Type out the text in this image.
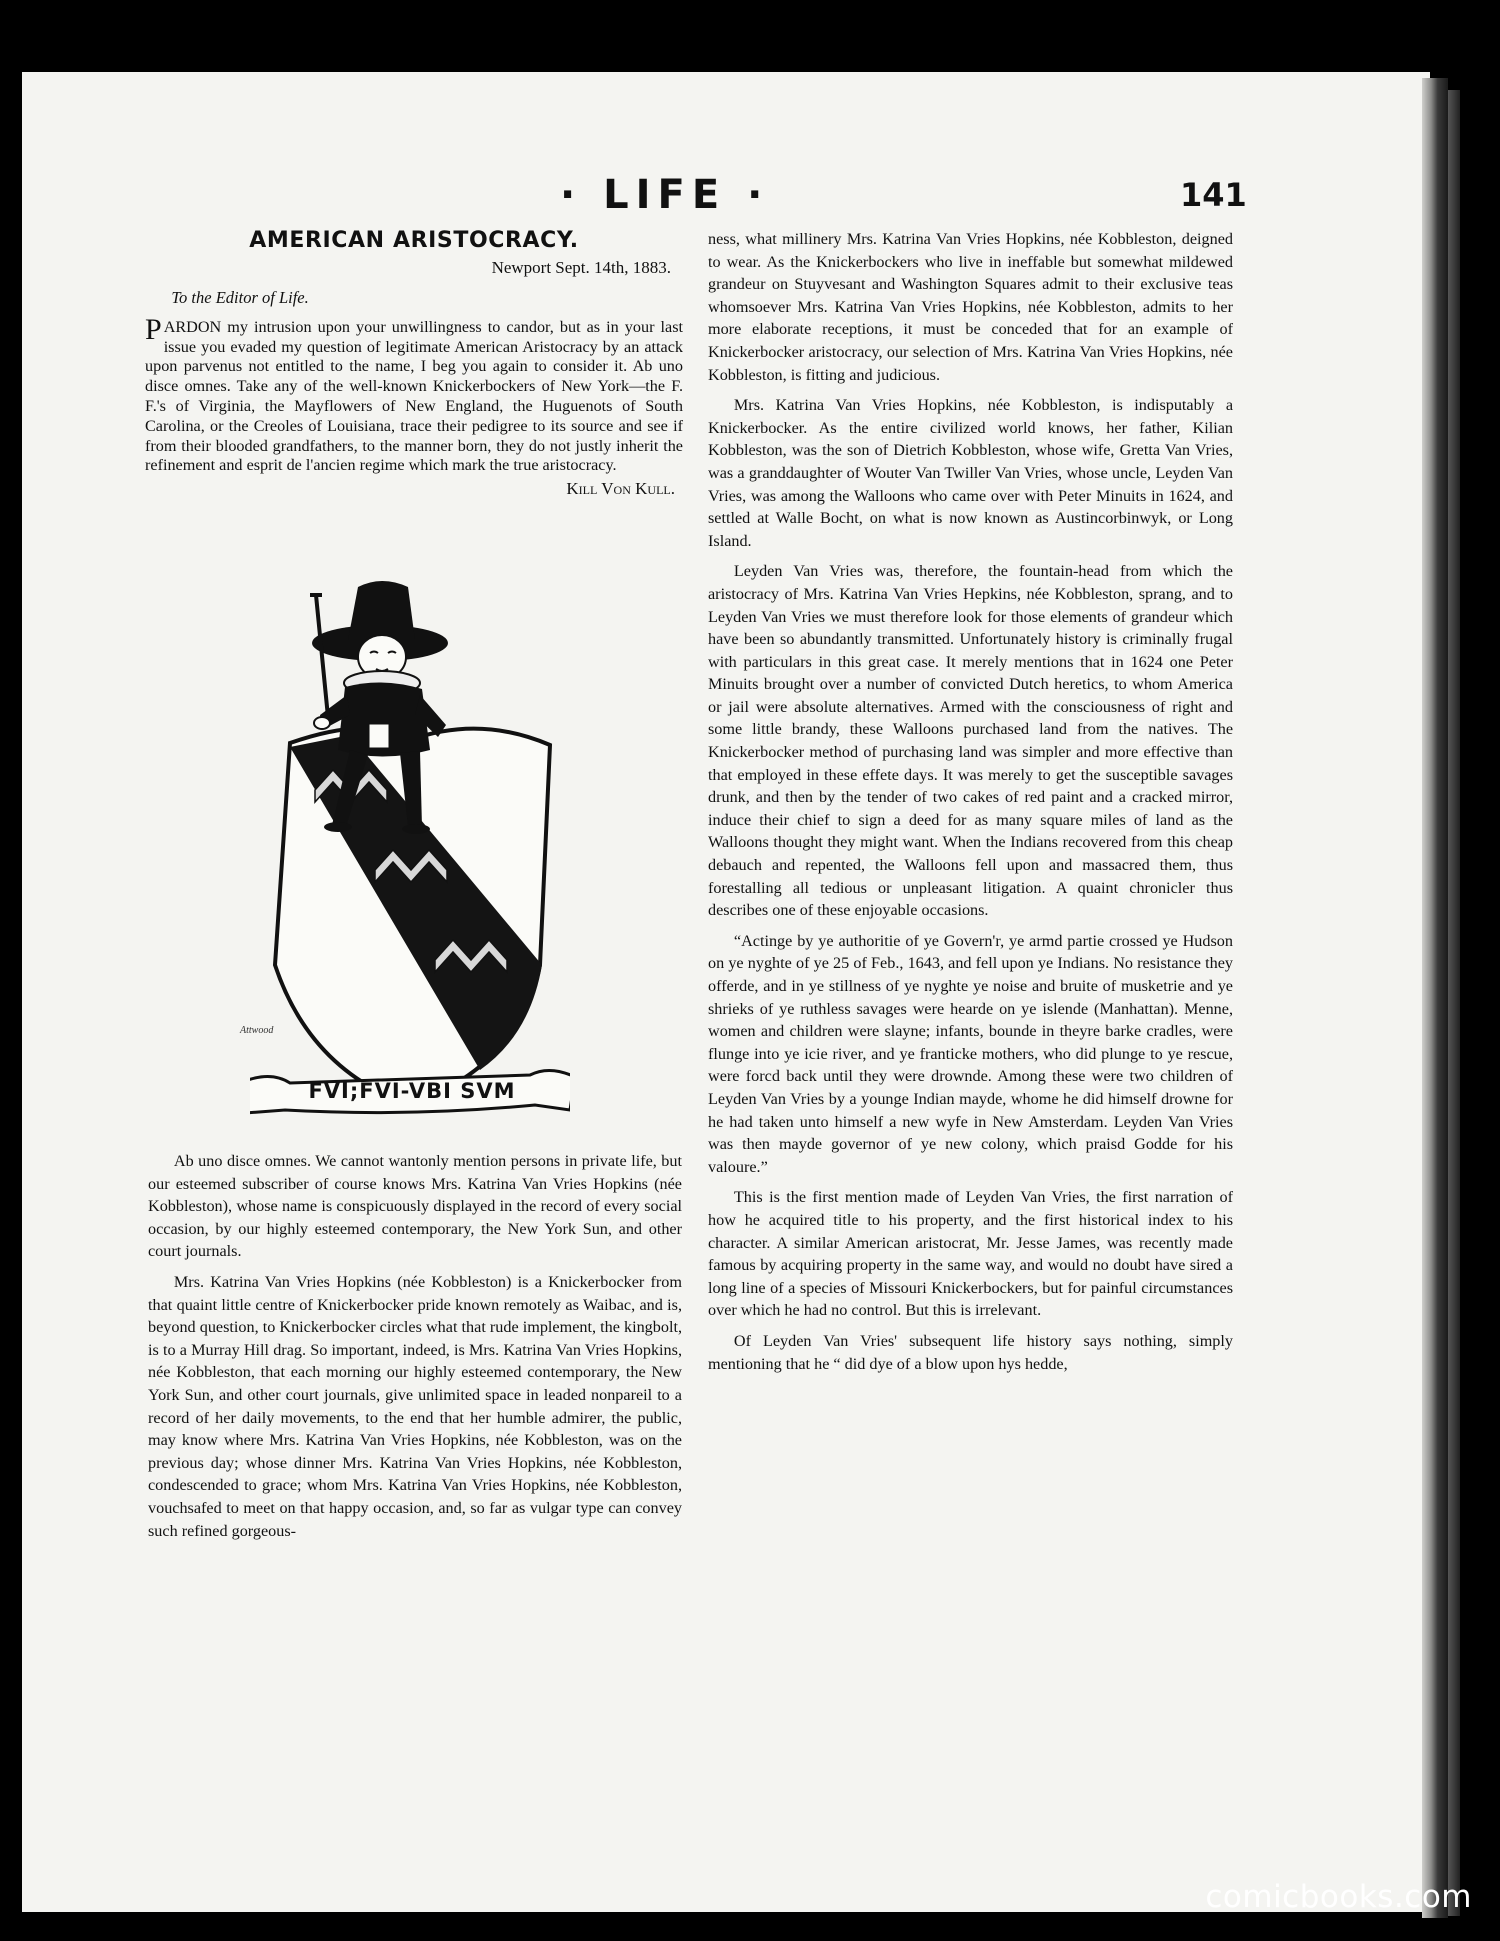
· LIFE ·	141
AMERICAN ARISTOCRACY.

Newport Sept. 14th, 1883.

To the Editor of Life.

PARDON my intrusion upon your unwillingness to candor, but as in your last issue you evaded my question of legitimate American Aristocracy by an attack upon parvenus not entitled to the name, I beg you again to consider it. Ab uno disce omnes. Take any of the well-known Knickerbockers of New York—the F. F.'s of Virginia, the Mayflowers of New England, the Huguenots of South Carolina, or the Creoles of Louisiana, trace their pedigree to its source and see if from their blooded grandfathers, to the manner born, they do not justly inherit the refinement and esprit de l'ancien regime which mark the true aristocracy.

Kill Von Kull.

FVI;FVI-VBI SVM
Attwood

Ab uno disce omnes. We cannot wantonly mention persons in private life, but our esteemed subscriber of course knows Mrs. Katrina Van Vries Hopkins (née Kobbleston), whose name is conspicuously displayed in the record of every social occasion, by our highly esteemed contemporary, the New York Sun, and other court journals.

Mrs. Katrina Van Vries Hopkins (née Kobbleston) is a Knickerbocker from that quaint little centre of Knickerbocker pride known remotely as Waibac, and is, beyond question, to Knickerbocker circles what that rude implement, the kingbolt, is to a Murray Hill drag. So important, indeed, is Mrs. Katrina Van Vries Hopkins, née Kobbleston, that each morning our highly esteemed contemporary, the New York Sun, and other court journals, give unlimited space in leaded nonpareil to a record of her daily movements, to the end that her humble admirer, the public, may know where Mrs. Katrina Van Vries Hopkins, née Kobbleston, was on the previous day; whose dinner Mrs. Katrina Van Vries Hopkins, née Kobbleston, condescended to grace; whom Mrs. Katrina Van Vries Hopkins, née Kobbleston, vouchsafed to meet on that happy occasion, and, so far as vulgar type can convey such refined gorgeous-

ness, what millinery Mrs. Katrina Van Vries Hopkins, née Kobbleston, deigned to wear. As the Knickerbockers who live in ineffable but somewhat mildewed grandeur on Stuyvesant and Washington Squares admit to their exclusive teas whomsoever Mrs. Katrina Van Vries Hopkins, née Kobbleston, admits to her more elaborate receptions, it must be conceded that for an example of Knickerbocker aristocracy, our selection of Mrs. Katrina Van Vries Hopkins, née Kobbleston, is fitting and judicious.

Mrs. Katrina Van Vries Hopkins, née Kobbleston, is indisputably a Knickerbocker. As the entire civilized world knows, her father, Kilian Kobbleston, was the son of Dietrich Kobbleston, whose wife, Gretta Van Vries, was a granddaughter of Wouter Van Twiller Van Vries, whose uncle, Leyden Van Vries, was among the Walloons who came over with Peter Minuits in 1624, and settled at Walle Bocht, on what is now known as Austincorbinwyk, or Long Island.

Leyden Van Vries was, therefore, the fountain-head from which the aristocracy of Mrs. Katrina Van Vries Hepkins, née Kobbleston, sprang, and to Leyden Van Vries we must therefore look for those elements of grandeur which have been so abundantly transmitted. Unfortunately history is criminally frugal with particulars in this great case. It merely mentions that in 1624 one Peter Minuits brought over a number of convicted Dutch heretics, to whom America or jail were absolute alternatives. Armed with the consciousness of right and some little brandy, these Walloons purchased land from the natives. The Knickerbocker method of purchasing land was simpler and more effective than that employed in these effete days. It was merely to get the susceptible savages drunk, and then by the tender of two cakes of red paint and a cracked mirror, induce their chief to sign a deed for as many square miles of land as the Walloons thought they might want. When the Indians recovered from this cheap debauch and repented, the Walloons fell upon and massacred them, thus forestalling all tedious or unpleasant litigation. A quaint chronicler thus describes one of these enjoyable occasions.

“Actinge by ye authoritie of ye Govern'r, ye armd partie crossed ye Hudson on ye nyghte of ye 25 of Feb., 1643, and fell upon ye Indians. No resistance they offerde, and in ye stillness of ye nyghte ye noise and bruite of musketrie and ye shrieks of ye ruthless savages were hearde on ye islende (Manhattan). Menne, women and children were slayne; infants, bounde in theyre barke cradles, were flunge into ye icie river, and ye franticke mothers, who did plunge to ye rescue, were forcd back until they were drownde. Among these were two children of Leyden Van Vries by a younge Indian mayde, whome he did himself drowne for he had taken unto himself a new wyfe in New Amsterdam. Leyden Van Vries was then mayde governor of ye new colony, which praisd Godde for his valoure.”

This is the first mention made of Leyden Van Vries, the first narration of how he acquired title to his property, and the first historical index to his character. A similar American aristocrat, Mr. Jesse James, was recently made famous by acquiring property in the same way, and would no doubt have sired a long line of a species of Missouri Knickerbockers, but for painful circumstances over which he had no control. But this is irrelevant.

Of Leyden Van Vries' subsequent life history says nothing, simply mentioning that he “ did dye of a blow upon hys hedde,

comicbooks.com
